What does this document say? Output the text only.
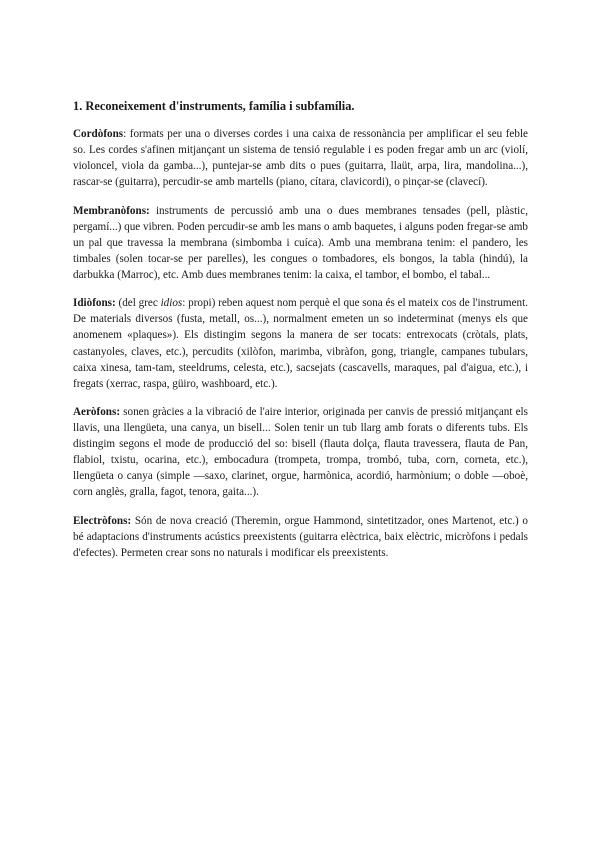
1. Reconeixement d'instruments, família i subfamília.

Cordòfons: formats per una o diverses cordes i una caixa de ressonància per amplificar el seu feble so. Les cordes s'afinen mitjançant un sistema de tensió regulable i es poden fregar amb un arc (violí, violoncel, viola da gamba...), puntejar-se amb dits o pues (guitarra, llaüt, arpa, lira, mandolina...), rascar-se (guitarra), percudir-se amb martells (piano, cítara, clavicordi), o pinçar-se (clavecí).

Membranòfons: instruments de percussió amb una o dues membranes tensades (pell, plàstic, pergamí...) que vibren. Poden percudir-se amb les mans o amb baquetes, i alguns poden fregar-se amb un pal que travessa la membrana (simbomba i cuíca). Amb una membrana tenim: el pandero, les timbales (solen tocar-se per parelles), les congues o tombadores, els bongos, la tabla (hindú), la darbukka (Marroc), etc. Amb dues membranes tenim: la caixa, el tambor, el bombo, el tabal...

Idiòfons: (del grec idios: propi) reben aquest nom perquè el que sona és el mateix cos de l'instrument. De materials diversos (fusta, metall, os...), normalment emeten un so indeterminat (menys els que anomenem «plaques»). Els distingim segons la manera de ser tocats: entrexocats (cròtals, plats, castanyoles, claves, etc.), percudits (xilòfon, marimba, vibràfon, gong, triangle, campanes tubulars, caixa xinesa, tam-tam, steeldrums, celesta, etc.), sacsejats (cascavells, maraques, pal d'aigua, etc.), i fregats (xerrac, raspa, güiro, washboard, etc.).

Aeròfons: sonen gràcies a la vibració de l'aire interior, originada per canvis de pressió mitjançant els llavis, una llengüeta, una canya, un bisell... Solen tenir un tub llarg amb forats o diferents tubs. Els distingim segons el mode de producció del so: bisell (flauta dolça, flauta travessera, flauta de Pan, flabiol, txistu, ocarina, etc.), embocadura (trompeta, trompa, trombó, tuba, corn, corneta, etc.), llengüeta o canya (simple —saxo, clarinet, orgue, harmònica, acordió, harmònium; o doble —oboè, corn anglès, gralla, fagot, tenora, gaita...).

Electròfons: Són de nova creació (Theremin, orgue Hammond, sintetitzador, ones Martenot, etc.) o bé adaptacions d'instruments acústics preexistents (guitarra elèctrica, baix elèctric, micròfons i pedals d'efectes). Permeten crear sons no naturals i modificar els preexistents.
